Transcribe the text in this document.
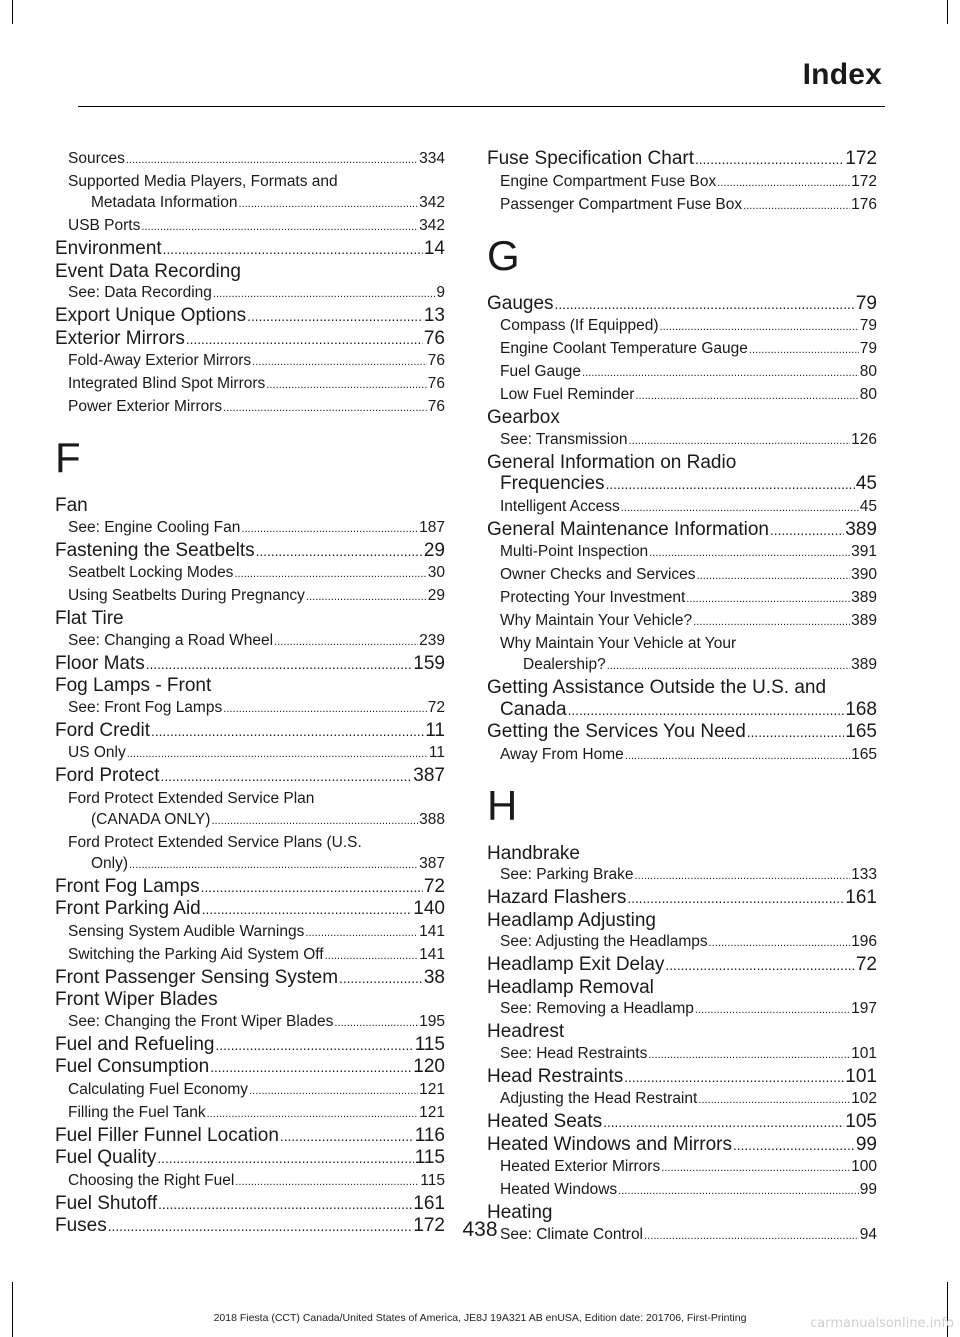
Index
Sources .....	334
Supported Media Players, Formats and
Metadata Information .....	342
USB Ports .....	342
Environment .....	14
Event Data Recording
See: Data Recording .....	9
Export Unique Options .....	13
Exterior Mirrors .....	76
Fold-Away Exterior Mirrors .....	76
Integrated Blind Spot Mirrors .....	76
Power Exterior Mirrors .....	76
F
Fan
See: Engine Cooling Fan .....	187
Fastening the Seatbelts .....	29
Seatbelt Locking Modes .....	30
Using Seatbelts During Pregnancy .....	29
Flat Tire
See: Changing a Road Wheel .....	239
Floor Mats .....	159
Fog Lamps - Front
See: Front Fog Lamps .....	72
Ford Credit .....	11
US Only .....	11
Ford Protect .....	387
Ford Protect Extended Service Plan
(CANADA ONLY) .....	388
Ford Protect Extended Service Plans (U.S.
Only) .....	387
Front Fog Lamps .....	72
Front Parking Aid .....	140
Sensing System Audible Warnings .....	141
Switching the Parking Aid System Off .....	141
Front Passenger Sensing System .....	38
Front Wiper Blades
See: Changing the Front Wiper Blades .....	195
Fuel and Refueling .....	115
Fuel Consumption .....	120
Calculating Fuel Economy .....	121
Filling the Fuel Tank .....	121
Fuel Filler Funnel Location .....	116
Fuel Quality .....	115
Choosing the Right Fuel .....	115
Fuel Shutoff .....	161
Fuses .....	172
Fuse Specification Chart .....	172
Engine Compartment Fuse Box .....	172
Passenger Compartment Fuse Box .....	176
G
Gauges .....	79
Compass (If Equipped) .....	79
Engine Coolant Temperature Gauge .....	79
Fuel Gauge .....	80
Low Fuel Reminder .....	80
Gearbox
See: Transmission .....	126
General Information on Radio
Frequencies .....	45
Intelligent Access .....	45
General Maintenance Information .....	389
Multi-Point Inspection .....	391
Owner Checks and Services .....	390
Protecting Your Investment .....	389
Why Maintain Your Vehicle? .....	389
Why Maintain Your Vehicle at Your
Dealership? .....	389
Getting Assistance Outside the U.S. and
Canada .....	168
Getting the Services You Need .....	165
Away From Home .....	165
H
Handbrake
See: Parking Brake .....	133
Hazard Flashers .....	161
Headlamp Adjusting
See: Adjusting the Headlamps .....	196
Headlamp Exit Delay .....	72
Headlamp Removal
See: Removing a Headlamp .....	197
Headrest
See: Head Restraints .....	101
Head Restraints .....	101
Adjusting the Head Restraint .....	102
Heated Seats .....	105
Heated Windows and Mirrors .....	99
Heated Exterior Mirrors .....	100
Heated Windows .....	99
Heating
See: Climate Control .....	94
438
2018 Fiesta (CCT) Canada/United States of America, JE8J 19A321 AB enUSA, Edition date: 201706, First-Printing	carmanualsonline.info
